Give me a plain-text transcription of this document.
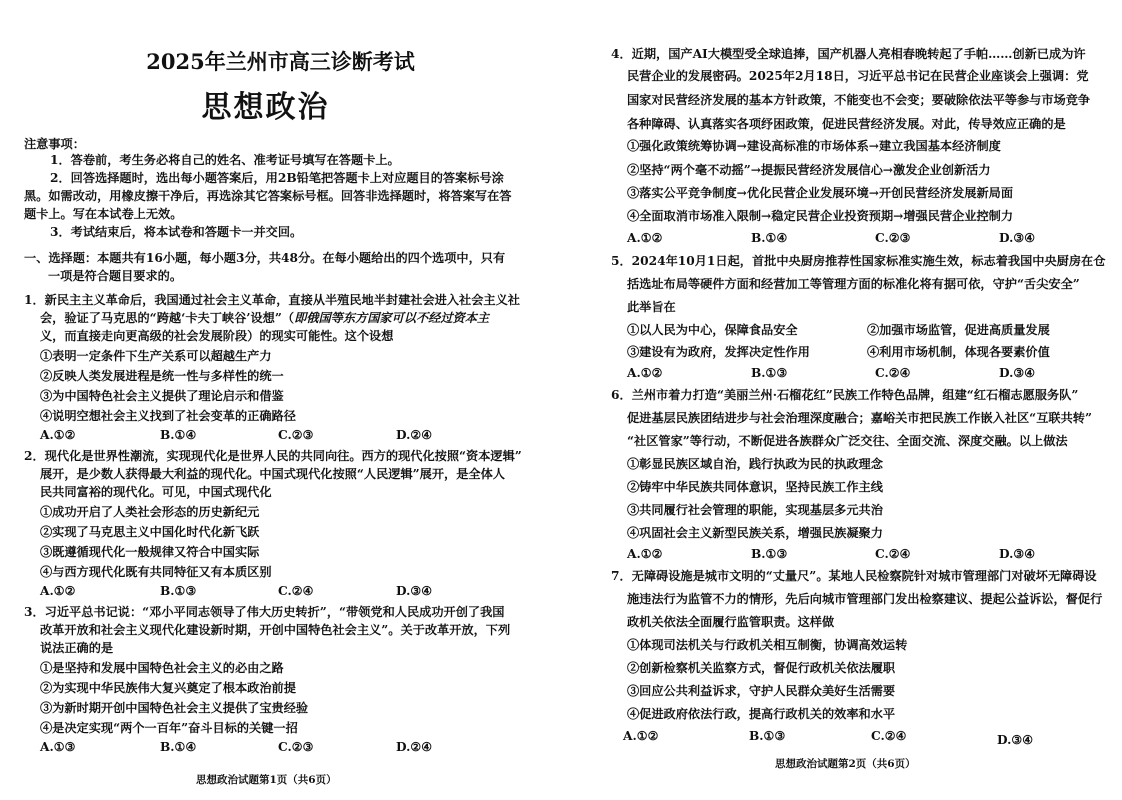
2025年兰州市高三诊断考试
思想政治
注意事项：
1．答卷前，考生务必将自己的姓名、准考证号填写在答题卡上。
2．回答选择题时，选出每小题答案后，用2B铅笔把答题卡上对应题目的答案标号涂
黑。如需改动，用橡皮擦干净后，再选涂其它答案标号框。回答非选择题时，将答案写在答
题卡上。写在本试卷上无效。
3．考试结束后，将本试卷和答题卡一并交回。
一、选择题：本题共有16小题，每小题3分，共48分。在每小题给出的四个选项中，只有
一项是符合题目要求的。
1．新民主主义革命后，我国通过社会主义革命，直接从半殖民地半封建社会进入社会主义社
会，验证了马克思的“跨越‘卡夫丁峡谷’设想”（即俄国等东方国家可以不经过资本主
义，而直接走向更高级的社会发展阶段）的现实可能性。这个设想
①表明一定条件下生产关系可以超越生产力
②反映人类发展进程是统一性与多样性的统一
③为中国特色社会主义提供了理论启示和借鉴
④说明空想社会主义找到了社会变革的正确路径
A.①②	B.①④	C.②③	D.②④
2．现代化是世界性潮流，实现现代化是世界人民的共同向往。西方的现代化按照“资本逻辑”
展开，是少数人获得最大利益的现代化。中国式现代化按照“人民逻辑”展开，是全体人
民共同富裕的现代化。可见，中国式现代化
①成功开启了人类社会形态的历史新纪元
②实现了马克思主义中国化时代化新飞跃
③既遵循现代化一般规律又符合中国实际
④与西方现代化既有共同特征又有本质区别
A.①②	B.①③	C.②④	D.③④
3．习近平总书记说：“邓小平同志领导了伟大历史转折”，“带领党和人民成功开创了我国
改革开放和社会主义现代化建设新时期，开创中国特色社会主义”。关于改革开放，下列
说法正确的是
①是坚持和发展中国特色社会主义的必由之路
②为实现中华民族伟大复兴奠定了根本政治前提
③为新时期开创中国特色社会主义提供了宝贵经验
④是决定实现“两个一百年”奋斗目标的关键一招
A.①③	B.①④	C.②③	D.②④
思想政治试题第1页（共6页）
4．近期，国产AI大模型受全球追捧，国产机器人亮相春晚转起了手帕……创新已成为许
民营企业的发展密码。2025年2月18日，习近平总书记在民营企业座谈会上强调：党
国家对民营经济发展的基本方针政策，不能变也不会变；要破除依法平等参与市场竞争
各种障碍、认真落实各项纾困政策，促进民营经济发展。对此，传导效应正确的是
①强化政策统筹协调→建设高标准的市场体系→建立我国基本经济制度
②坚持“两个毫不动摇”→提振民营经济发展信心→激发企业创新活力
③落实公平竞争制度→优化民营企业发展环境→开创民营经济发展新局面
④全面取消市场准入限制→稳定民营企业投资预期→增强民营企业控制力
A.①②	B.①④	C.②③	D.③④
5．2024年10月1日起，首批中央厨房推荐性国家标准实施生效，标志着我国中央厨房在仓
括选址布局等硬件方面和经营加工等管理方面的标准化将有据可依，守护“舌尖安全”
此举旨在
①以人民为中心，保障食品安全	②加强市场监管，促进高质量发展
③建设有为政府，发挥决定性作用	④利用市场机制，体现各要素价值
A.①②	B.①③	C.②④	D.③④
6．兰州市着力打造“美丽兰州·石榴花红”民族工作特色品牌，组建“红石榴志愿服务队”
促进基层民族团结进步与社会治理深度融合；嘉峪关市把民族工作嵌入社区“互联共转”
“社区管家”等行动，不断促进各族群众广泛交往、全面交流、深度交融。以上做法
①彰显民族区域自治，践行执政为民的执政理念
②铸牢中华民族共同体意识，坚持民族工作主线
③共同履行社会管理的职能，实现基层多元共治
④巩固社会主义新型民族关系，增强民族凝聚力
A.①②	B.①③	C.②④	D.③④
7．无障碍设施是城市文明的“丈量尺”。某地人民检察院针对城市管理部门对破坏无障碍设
施违法行为监管不力的情形，先后向城市管理部门发出检察建议、提起公益诉讼，督促行
政机关依法全面履行监管职责。这样做
①体现司法机关与行政机关相互制衡，协调高效运转
②创新检察机关监察方式，督促行政机关依法履职
③回应公共利益诉求，守护人民群众美好生活需要
④促进政府依法行政，提高行政机关的效率和水平
A.①②	B.①③	C.②④	D.③④
思想政治试题第2页（共6页）
